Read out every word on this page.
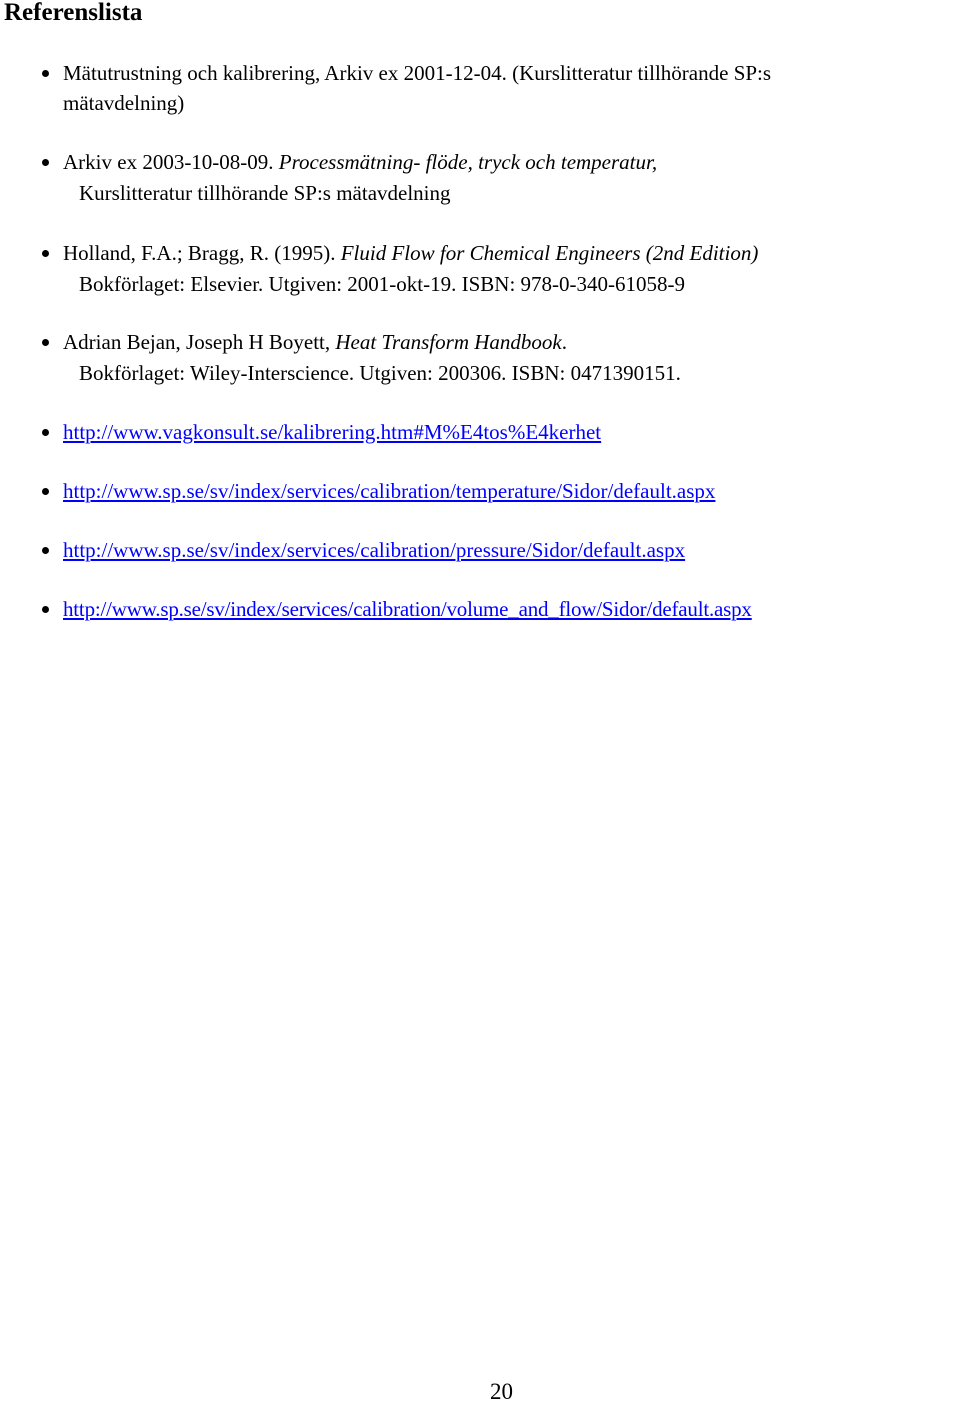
Referenslista
Mätutrustning och kalibrering, Arkiv ex 2001-12-04. (Kurslitteratur tillhörande SP:s
mätavdelning)
Arkiv ex 2003-10-08-09. Processmätning- flöde, tryck och temperatur,
Kurslitteratur tillhörande SP:s mätavdelning
Holland, F.A.; Bragg, R. (1995). Fluid Flow for Chemical Engineers (2nd Edition)
Bokförlaget: Elsevier. Utgiven: 2001-okt-19. ISBN: 978-0-340-61058-9
Adrian Bejan, Joseph H Boyett, Heat Transform Handbook.
Bokförlaget: Wiley-Interscience. Utgiven: 200306. ISBN: 0471390151.
http://www.vagkonsult.se/kalibrering.htm#M%E4tos%E4kerhet
http://www.sp.se/sv/index/services/calibration/temperature/Sidor/default.aspx
http://www.sp.se/sv/index/services/calibration/pressure/Sidor/default.aspx
http://www.sp.se/sv/index/services/calibration/volume_and_flow/Sidor/default.aspx
20
